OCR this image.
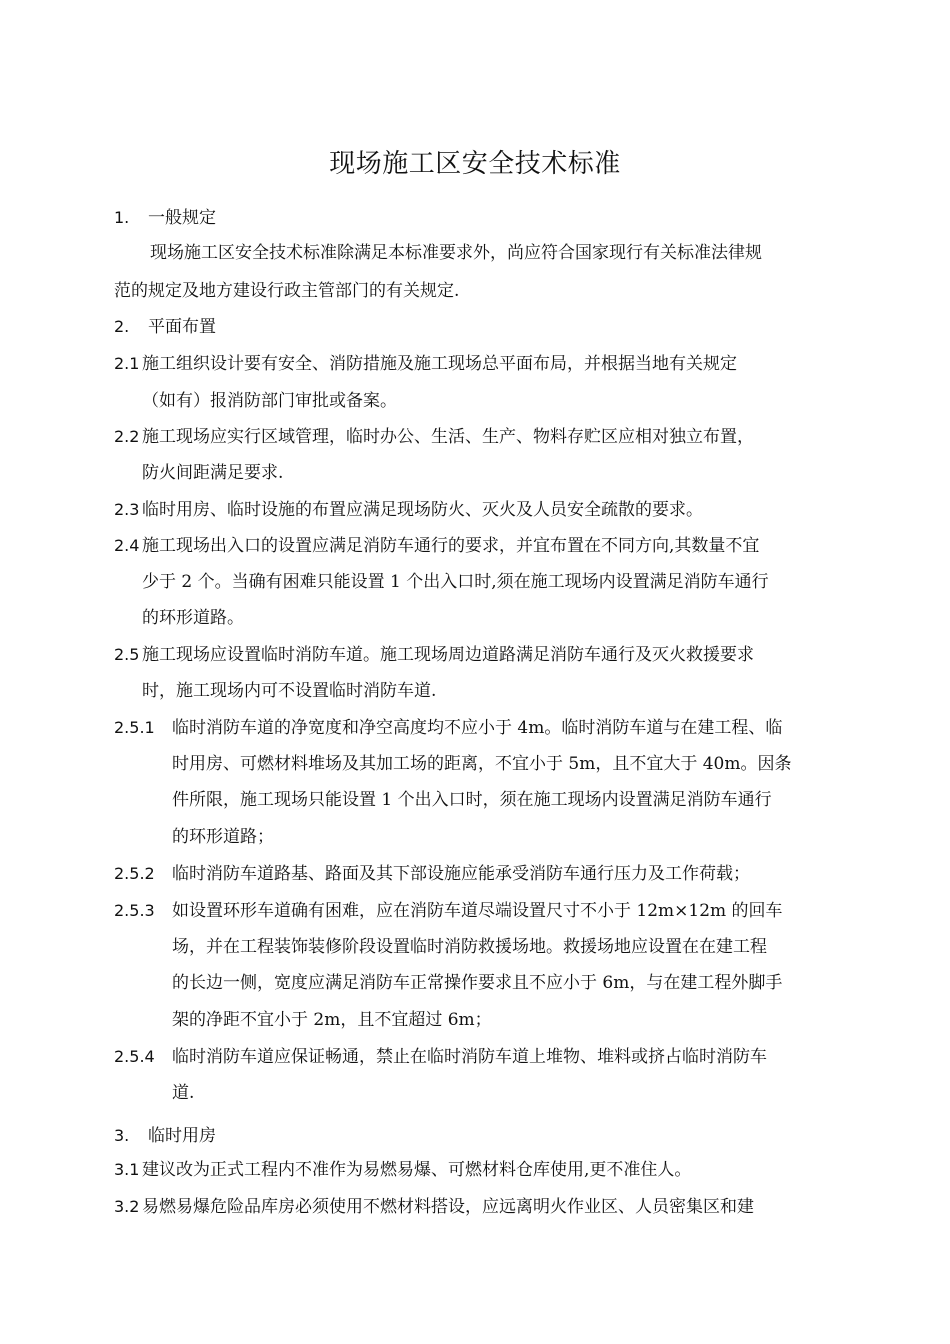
现场施工区安全技术标准
1. 一般规定
现场施工区安全技术标准除满足本标准要求外，尚应符合国家现行有关标准法律规
范的规定及地方建设行政主管部门的有关规定.
2. 平面布置
2.1 施工组织设计要有安全、消防措施及施工现场总平面布局，并根据当地有关规定
（如有）报消防部门审批或备案。
2.2 施工现场应实行区域管理，临时办公、生活、生产、物料存贮区应相对独立布置，
防火间距满足要求.
2.3 临时用房、临时设施的布置应满足现场防火、灭火及人员安全疏散的要求。
2.4 施工现场出入口的设置应满足消防车通行的要求，并宜布置在不同方向,其数量不宜
少于 2 个。当确有困难只能设置 1 个出入口时,须在施工现场内设置满足消防车通行
的环形道路。
2.5 施工现场应设置临时消防车道。施工现场周边道路满足消防车通行及灭火救援要求
时，施工现场内可不设置临时消防车道.
2.5.1 临时消防车道的净宽度和净空高度均不应小于 4m。临时消防车道与在建工程、临
时用房、可燃材料堆场及其加工场的距离，不宜小于 5m，且不宜大于 40m。因条
件所限，施工现场只能设置 1 个出入口时，须在施工现场内设置满足消防车通行
的环形道路；
2.5.2 临时消防车道路基、路面及其下部设施应能承受消防车通行压力及工作荷载；
2.5.3 如设置环形车道确有困难，应在消防车道尽端设置尺寸不小于 12m×12m 的回车
场，并在工程装饰装修阶段设置临时消防救援场地。救援场地应设置在在建工程
的长边一侧，宽度应满足消防车正常操作要求且不应小于 6m，与在建工程外脚手
架的净距不宜小于 2m，且不宜超过 6m；
2.5.4 临时消防车道应保证畅通，禁止在临时消防车道上堆物、堆料或挤占临时消防车
道.
3. 临时用房
3.1 建议改为正式工程内不准作为易燃易爆、可燃材料仓库使用,更不准住人。
3.2 易燃易爆危险品库房必须使用不燃材料搭设，应远离明火作业区、人员密集区和建
